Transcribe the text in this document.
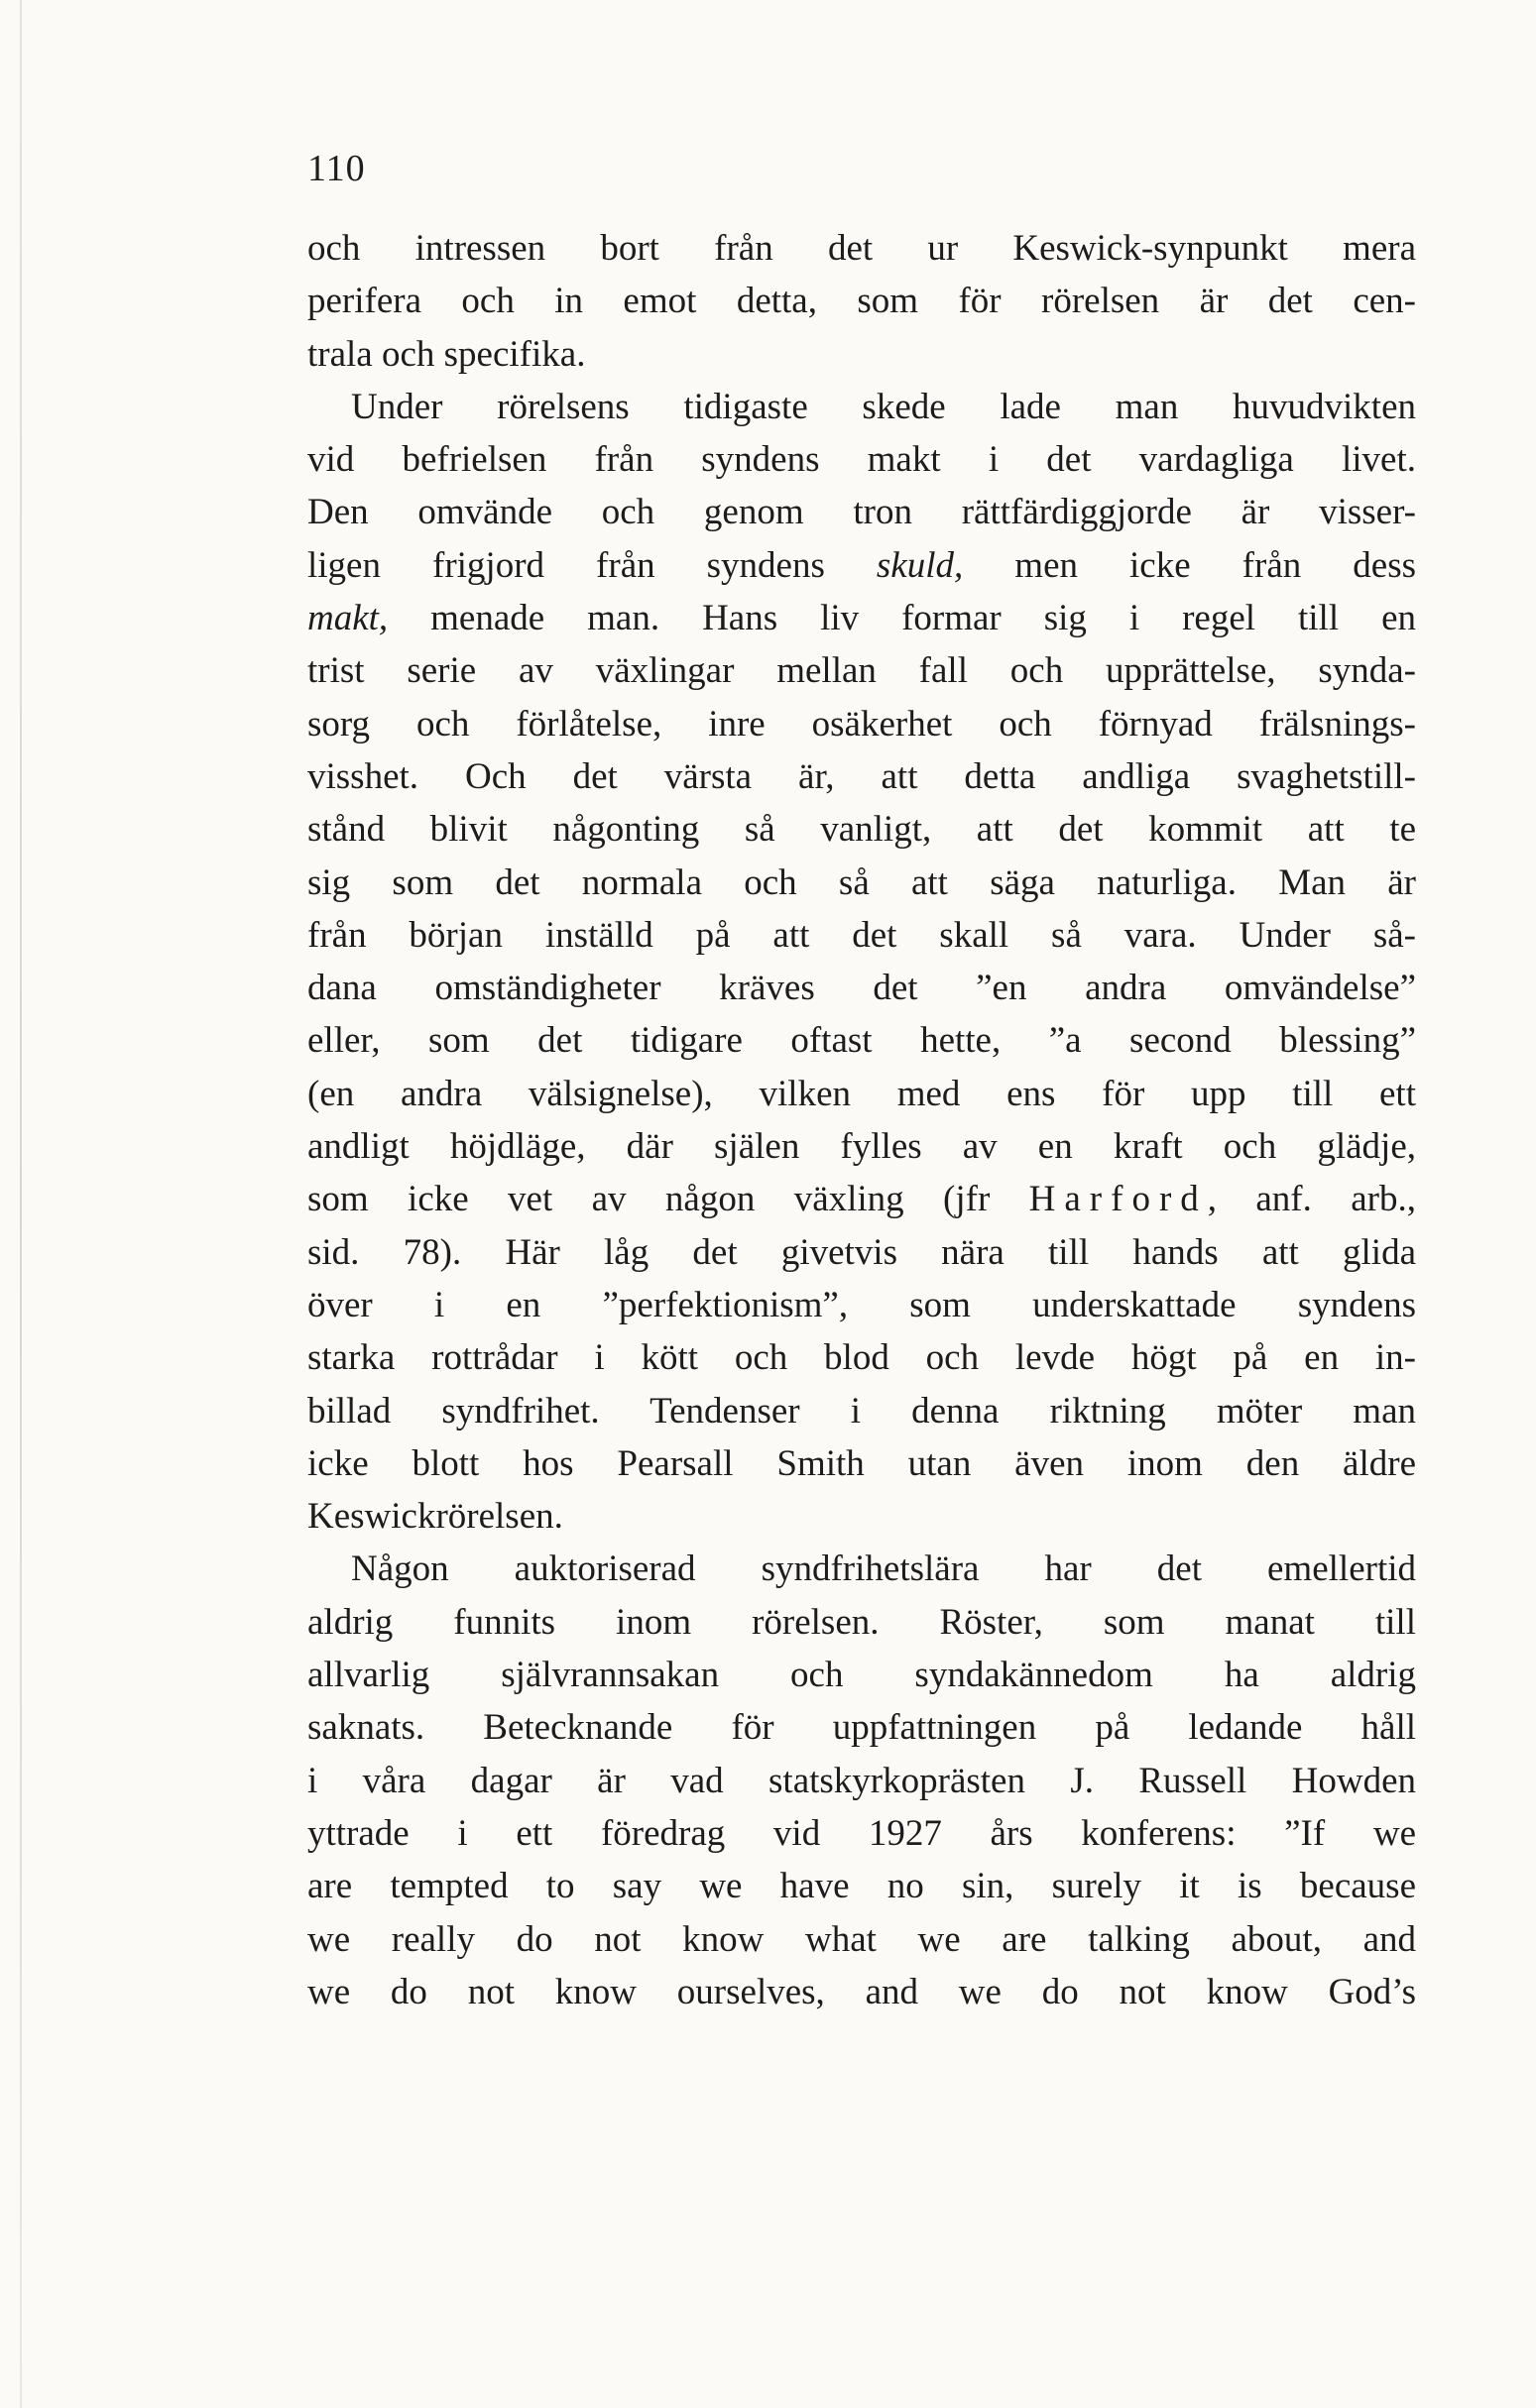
110
och intressen bort från det ur Keswick-synpunkt mera
perifera och in emot detta, som för rörelsen är det cen-
trala och specifika.
Under rörelsens tidigaste skede lade man huvudvikten
vid befrielsen från syndens makt i det vardagliga livet.
Den omvände och genom tron rättfärdiggjorde är visser-
ligen frigjord från syndens skuld, men icke från dess
makt, menade man. Hans liv formar sig i regel till en
trist serie av växlingar mellan fall och upprättelse, synda-
sorg och förlåtelse, inre osäkerhet och förnyad frälsnings-
visshet. Och det värsta är, att detta andliga svaghetstill-
stånd blivit någonting så vanligt, att det kommit att te
sig som det normala och så att säga naturliga. Man är
från början inställd på att det skall så vara. Under så-
dana omständigheter kräves det ”en andra omvändelse”
eller, som det tidigare oftast hette, ”a second blessing”
(en andra välsignelse), vilken med ens för upp till ett
andligt höjdläge, där själen fylles av en kraft och glädje,
som icke vet av någon växling (jfr Harford, anf. arb.,
sid. 78). Här låg det givetvis nära till hands att glida
över i en ”perfektionism”, som underskattade syndens
starka rottrådar i kött och blod och levde högt på en in-
billad syndfrihet. Tendenser i denna riktning möter man
icke blott hos Pearsall Smith utan även inom den äldre
Keswickrörelsen.
Någon auktoriserad syndfrihetslära har det emellertid
aldrig funnits inom rörelsen. Röster, som manat till
allvarlig självrannsakan och syndakännedom ha aldrig
saknats. Betecknande för uppfattningen på ledande håll
i våra dagar är vad statskyrkoprästen J. Russell Howden
yttrade i ett föredrag vid 1927 års konferens: ”If we
are tempted to say we have no sin, surely it is because
we really do not know what we are talking about, and
we do not know ourselves, and we do not know God’s
